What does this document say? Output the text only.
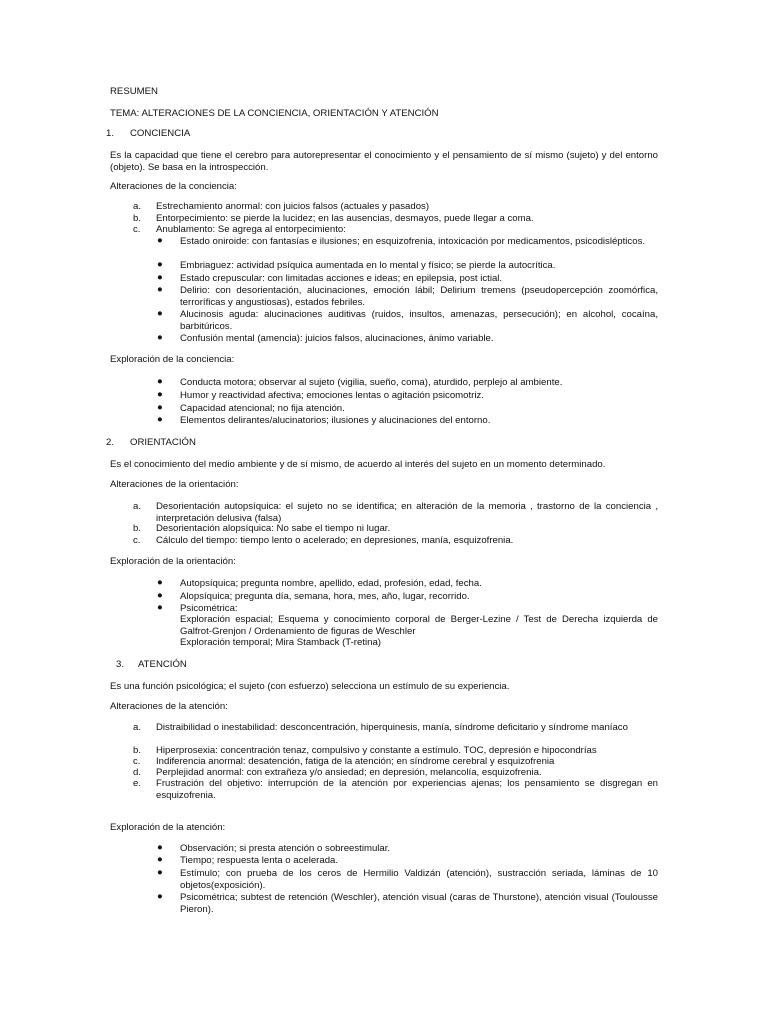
RESUMEN
TEMA: ALTERACIONES DE LA CONCIENCIA, ORIENTACIÓN Y ATENCIÓN
1. CONCIENCIA
Es la capacidad que tiene el cerebro para autorepresentar el conocimiento y el pensamiento de sí mismo (sujeto) y del entorno (objeto). Se basa en la introspección.
Alteraciones de la conciencia:
a. Estrechamiento anormal: con juicios falsos (actuales y pasados)
b. Entorpecimiento: se pierde la lucidez; en las ausencias, desmayos, puede llegar a coma.
c. Anublamento: Se agrega al entorpecimiento:
● Estado oniroide: con fantasías e ilusiones; en esquizofrenia, intoxicación por medicamentos, psicodislépticos.
● Embriaguez: actividad psíquica aumentada en lo mental y físico; se pierde la autocrítica.
● Estado crepuscular: con limitadas acciones e ideas; en epilepsia, post ictial.
● Delirio: con desorientación, alucinaciones, emoción lábil; Delirium tremens (pseudopercepción zoomórfica, terroríficas y angustiosas), estados febriles.
● Alucinosis aguda: alucinaciones auditivas (ruidos, insultos, amenazas, persecución); en alcohol, cocaína, barbitúricos.
● Confusión mental (amencia): juicios falsos, alucinaciones, ánimo variable.
Exploración de la conciencia:
● Conducta motora; observar al sujeto (vigilia, sueño, coma), aturdido, perplejo al ambiente.
● Humor y reactividad afectiva; emociones lentas o agitación psicomotriz.
● Capacidad atencional; no fija atención.
● Elementos delirantes/alucinatorios; ilusiones y alucinaciones del entorno.
2. ORIENTACIÓN
Es el conocimiento del medio ambiente y de sí mismo, de acuerdo al interés del sujeto en un momento determinado.
Alteraciones de la orientación:
a. Desorientación autopsíquica: el sujeto no se identifica; en alteración de la memoria , trastorno de la conciencia , interpretación delusiva (falsa)
b. Desorientación alopsíquica: No sabe el tiempo ni lugar.
c. Cálculo del tiempo: tiempo lento o acelerado; en depresiones, manía, esquizofrenia.
Exploración de la orientación:
● Autopsíquica; pregunta nombre, apellido, edad, profesión, edad, fecha.
● Alopsíquica; pregunta día, semana, hora, mes, año, lugar, recorrido.
● Psicométrica:
Exploración espacial; Esquema y conocimiento corporal de Berger-Lezine / Test de Derecha izquierda de Galfrot-Grenjon / Ordenamiento de figuras de Weschler
Exploración temporal; Mira Stamback (T-retina)
3. ATENCIÓN
Es una función psicológica; el sujeto (con esfuerzo) selecciona un estímulo de su experiencia.
Alteraciones de la atención:
a. Distraibilidad o inestabilidad: desconcentración, hiperquinesis, manía, síndrome deficitario y síndrome maníaco
b. Hiperprosexia: concentración tenaz, compulsivo y constante a estímulo. TOC, depresión e hipocondrías
c. Indiferencia anormal: desatención, fatiga de la atención; en síndrome cerebral y esquizofrenia
d. Perplejidad anormal: con extrañeza y/o ansiedad; en depresión, melancolía, esquizofrenia.
e. Frustración del objetivo: interrupción de la atención por experiencias ajenas; los pensamiento se disgregan en esquizofrenia.
Exploración de la atención:
● Observación; si presta atención o sobreestimular.
● Tiempo; respuesta lenta o acelerada.
● Estímulo; con prueba de los ceros de Hermilio Valdizán (atención), sustracción seriada, láminas de 10 objetos(exposición).
● Psicométrica; subtest de retención (Weschler), atención visual (caras de Thurstone), atención visual (Toulousse Pieron).
